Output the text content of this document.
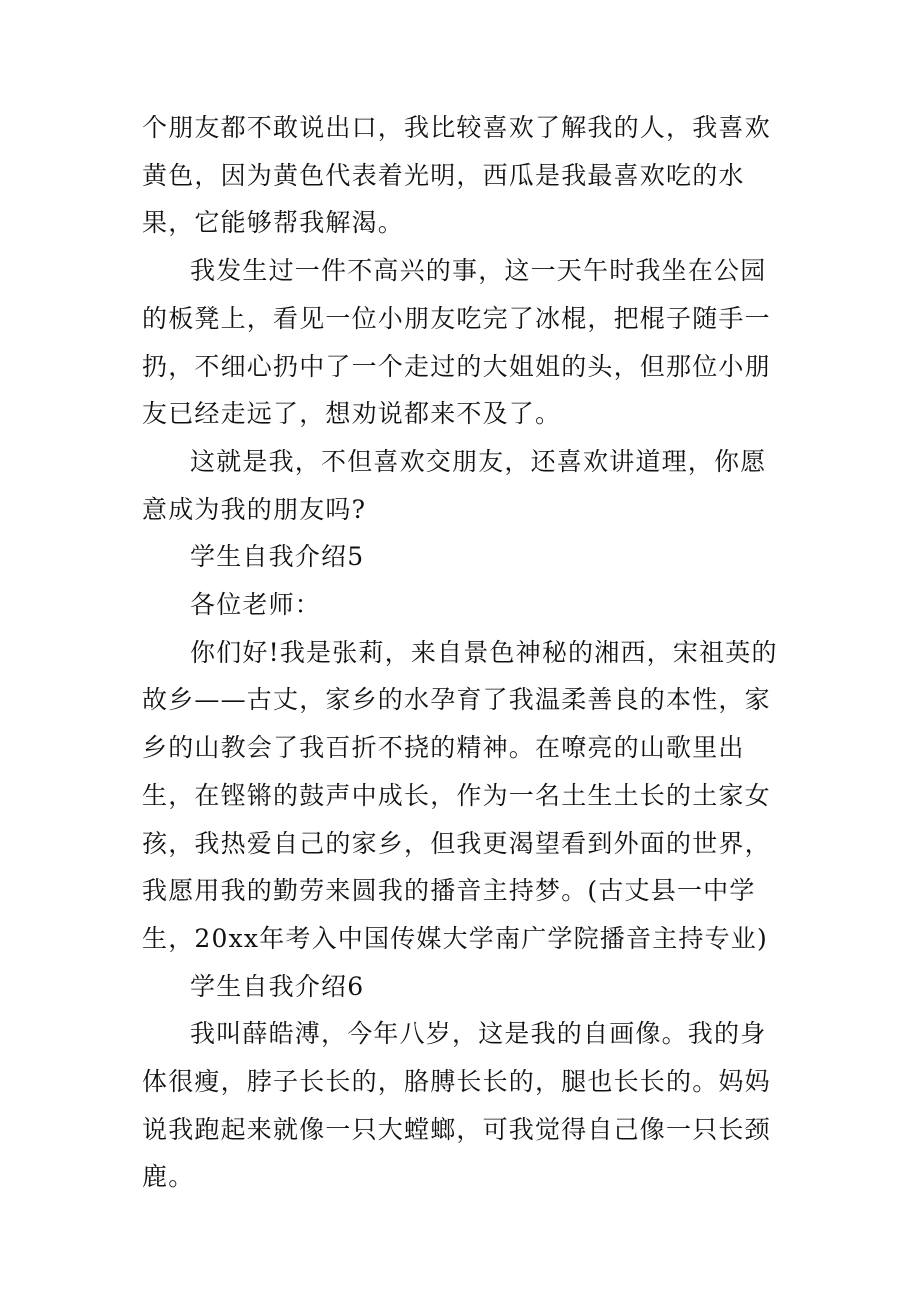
个朋友都不敢说出口，我比较喜欢了解我的人，我喜欢黄色，因为黄色代表着光明，西瓜是我最喜欢吃的水果，它能够帮我解渴。

我发生过一件不高兴的事，这一天午时我坐在公园的板凳上，看见一位小朋友吃完了冰棍，把棍子随手一扔，不细心扔中了一个走过的大姐姐的头，但那位小朋友已经走远了，想劝说都来不及了。

这就是我，不但喜欢交朋友，还喜欢讲道理，你愿意成为我的朋友吗?

学生自我介绍5

各位老师：

你们好!我是张莉，来自景色神秘的湘西，宋祖英的故乡——古丈，家乡的水孕育了我温柔善良的本性，家乡的山教会了我百折不挠的精神。在嘹亮的山歌里出生，在铿锵的鼓声中成长，作为一名土生土长的土家女孩，我热爱自己的家乡，但我更渴望看到外面的世界，我愿用我的勤劳来圆我的播音主持梦。(古丈县一中学生，20xx年考入中国传媒大学南广学院播音主持专业)

学生自我介绍6

我叫薛皓溥，今年八岁，这是我的自画像。我的身体很瘦，脖子长长的，胳膊长长的，腿也长长的。妈妈说我跑起来就像一只大螳螂，可我觉得自己像一只长颈鹿。
